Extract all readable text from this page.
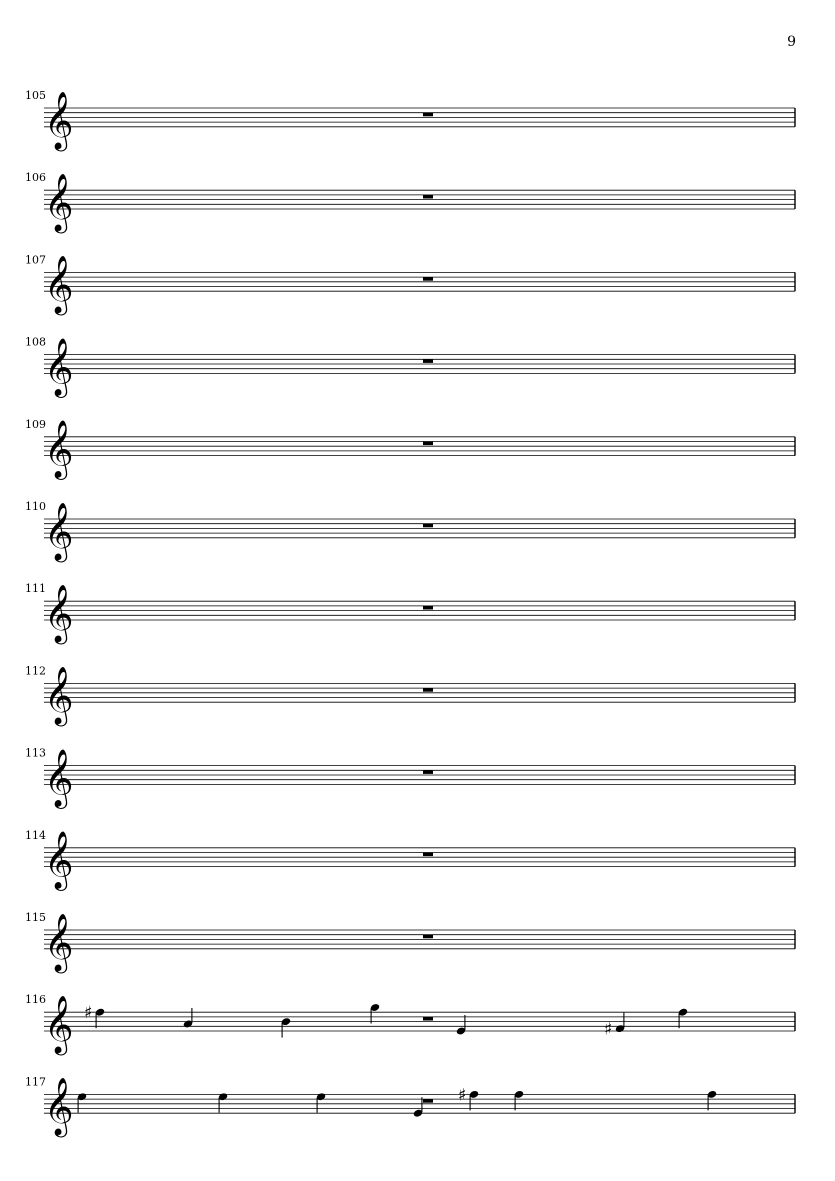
9
105
𝄞
106
𝄞
107
𝄞
108
𝄞
109
𝄞
110
𝄞
111
𝄞
112
𝄞
113
𝄞
114
𝄞
115
𝄞
116
𝄞 ♯
♯
117
𝄞	♯
